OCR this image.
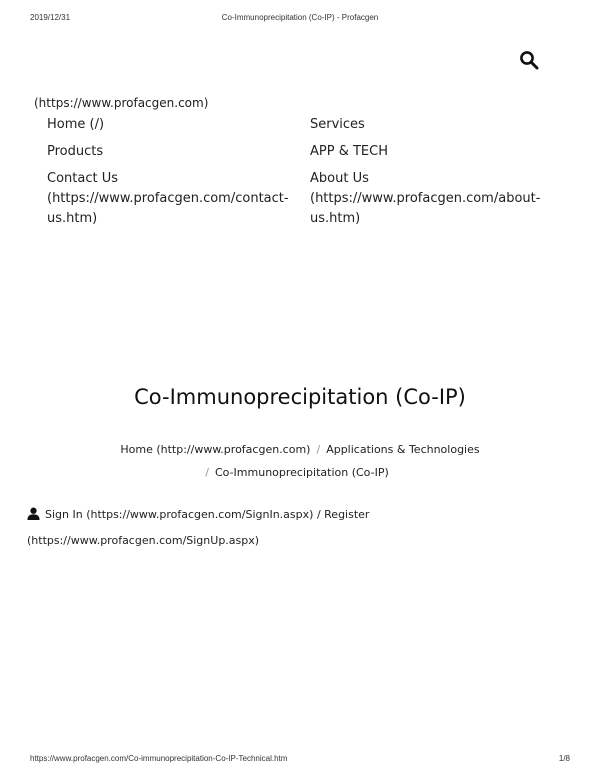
2019/12/31	Co-Immunoprecipitation (Co-IP) - Profacgen
(https://www.profacgen.com)
Home (/)	Services
Products	APP & TECH
Contact Us
(https://www.profacgen.com/contact-
us.htm)
About Us
(https://www.profacgen.com/about-
us.htm)
Co-Immunoprecipitation (Co-IP)
Home (http://www.profacgen.com) / Applications & Technologies
/ Co-Immunoprecipitation (Co-IP)
Sign In (https://www.profacgen.com/SignIn.aspx) / Register
(https://www.profacgen.com/SignUp.aspx)
https://www.profacgen.com/Co-immunoprecipitation-Co-IP-Technical.htm	1/8
